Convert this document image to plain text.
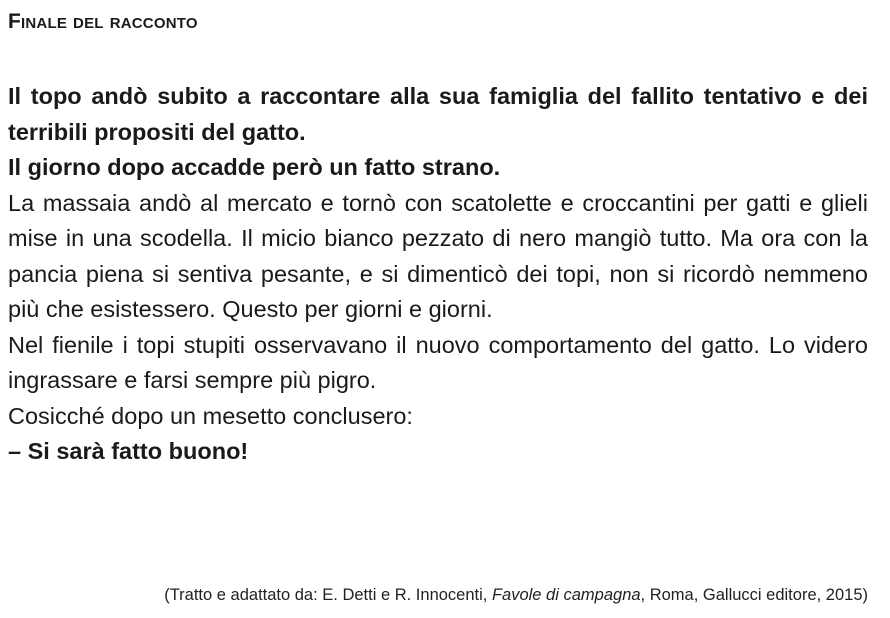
Finale del racconto

Il topo andò subito a raccontare alla sua famiglia del fallito tentativo e dei terribili propositi del gatto.

Il giorno dopo accadde però un fatto strano.

La massaia andò al mercato e tornò con scatolette e croccantini per gatti e glieli mise in una scodella. Il micio bianco pezzato di nero mangiò tutto. Ma ora con la pancia piena si sentiva pesante, e si dimenticò dei topi, non si ricordò nemmeno più che esistessero. Questo per giorni e giorni.

Nel fienile i topi stupiti osservavano il nuovo comportamento del gatto. Lo videro ingrassare e farsi sempre più pigro.

Cosicché dopo un mesetto conclusero:

– Si sarà fatto buono!

(Tratto e adattato da: E. Detti e R. Innocenti, Favole di campagna, Roma, Gallucci editore, 2015)
